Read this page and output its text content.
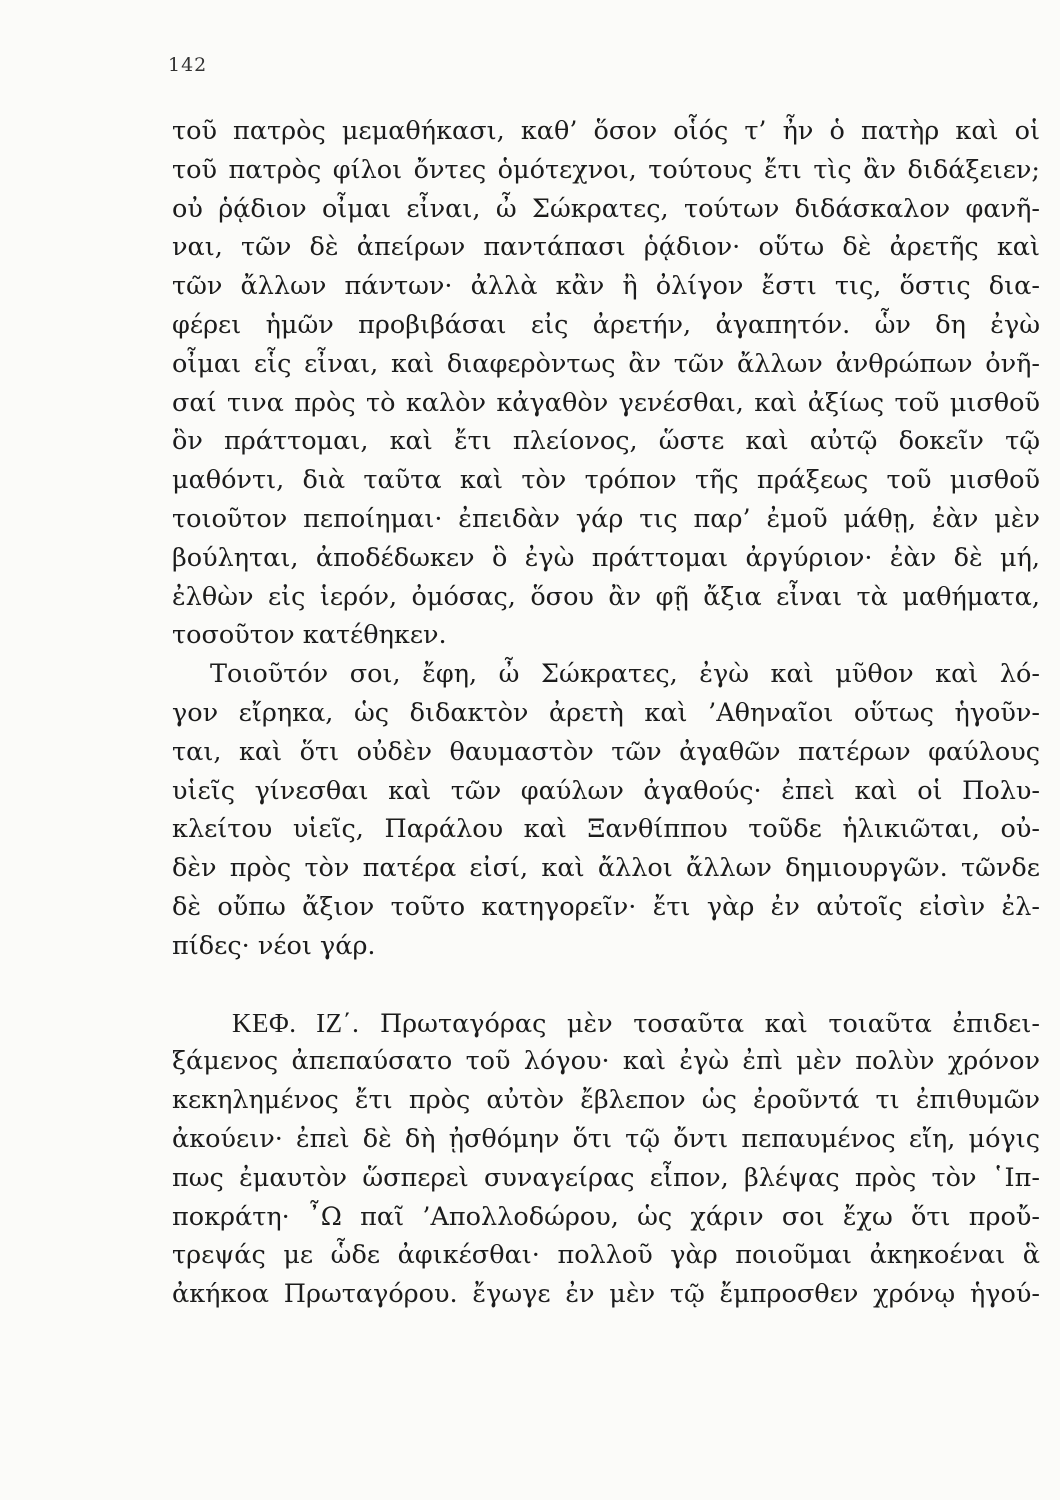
142
τοῦ πατρὸς μεμαθήκασι, καθ’ ὅσον οἷός τ’ ἦν ὁ πατὴρ καὶ οἱ
τοῦ πατρὸς φίλοι ὄντες ὁμότεχνοι, τούτους ἔτι τὶς ἂν διδάξειεν;
οὐ ῥᾴδιον οἶμαι εἶναι, ὦ Σώκρατες, τούτων διδάσκαλον φανῆ-
ναι, τῶν δὲ ἀπείρων παντάπασι ῥᾴδιον· οὕτω δὲ ἀρετῆς καὶ
τῶν ἄλλων πάντων· ἀλλὰ κἂν ἢ ὀλίγον ἔστι τις, ὅστις δια-
φέρει ἡμῶν προβιβάσαι εἰς ἀρετήν, ἀγαπητόν. ὧν δη ἐγὼ
οἶμαι εἷς εἶναι, καὶ διαφερὸντως ἂν τῶν ἄλλων ἀνθρώπων ὀνῆ-
σαί τινα πρὸς τὸ καλὸν κἀγαθὸν γενέσθαι, καὶ ἀξίως τοῦ μισθοῦ
ὃν πράττομαι, καὶ ἔτι πλείονος, ὥστε καὶ αὐτῷ δοκεῖν τῷ
μαθόντι, διὰ ταῦτα καὶ τὸν τρόπον τῆς πράξεως τοῦ μισθοῦ
τοιοῦτον πεποίημαι· ἐπειδὰν γάρ τις παρ’ ἐμοῦ μάθῃ, ἐὰν μὲν
βούληται, ἀποδέδωκεν ὃ ἐγὼ πράττομαι ἀργύριον· ἐὰν δὲ μή,
ἐλθὼν εἰς ἱερόν, ὀμόσας, ὅσου ἂν φῇ ἄξια εἶναι τὰ μαθήματα,
τοσοῦτον κατέθηκεν.
Τοιοῦτόν σοι, ἔφη, ὦ Σώκρατες, ἐγὼ καὶ μῦθον καὶ λό-
γον εἴρηκα, ὡς διδακτὸν ἀρετὴ καὶ ’Αθηναῖοι οὕτως ἡγοῦν-
ται, καὶ ὅτι οὐδὲν θαυμαστὸν τῶν ἀγαθῶν πατέρων φαύλους
υἱεῖς γίνεσθαι καὶ τῶν φαύλων ἀγαθούς· ἐπεὶ καὶ οἱ Πολυ-
κλείτου υἱεῖς, Παράλου καὶ Ξανθίππου τοῦδε ἡλικιῶται, οὐ-
δὲν πρὸς τὸν πατέρα εἰσί, καὶ ἄλλοι ἄλλων δημιουργῶν. τῶνδε
δὲ οὔπω ἄξιον τοῦτο κατηγορεῖν· ἔτι γὰρ ἐν αὐτοῖς εἰσὶν ἐλ-
πίδες· νέοι γάρ.
ΚΕΦ. ΙΖ΄. Πρωταγόρας μὲν τοσαῦτα καὶ τοιαῦτα ἐπιδει-
ξάμενος ἀπεπαύσατο τοῦ λόγου· καὶ ἐγὼ ἐπὶ μὲν πολὺν χρόνον
κεκηλημένος ἔτι πρὸς αὐτὸν ἔβλεπον ὡς ἐροῦντά τι ἐπιθυμῶν
ἀκούειν· ἐπεὶ δὲ δὴ ᾐσθόμην ὅτι τῷ ὄντι πεπαυμένος εἴη, μόγις
πως ἐμαυτὸν ὥσπερεὶ συναγείρας εἶπον, βλέψας πρὸς τὸν ῾Ιπ-
ποκράτη· ῏Ω παῖ ’Απολλοδώρου, ὡς χάριν σοι ἔχω ὅτι προὔ-
τρεψάς με ὧδε ἀφικέσθαι· πολλοῦ γὰρ ποιοῦμαι ἀκηκοέναι ἃ
ἀκήκοα Πρωταγόρου. ἔγωγε ἐν μὲν τῷ ἔμπροσθεν χρόνῳ ἡγού-
